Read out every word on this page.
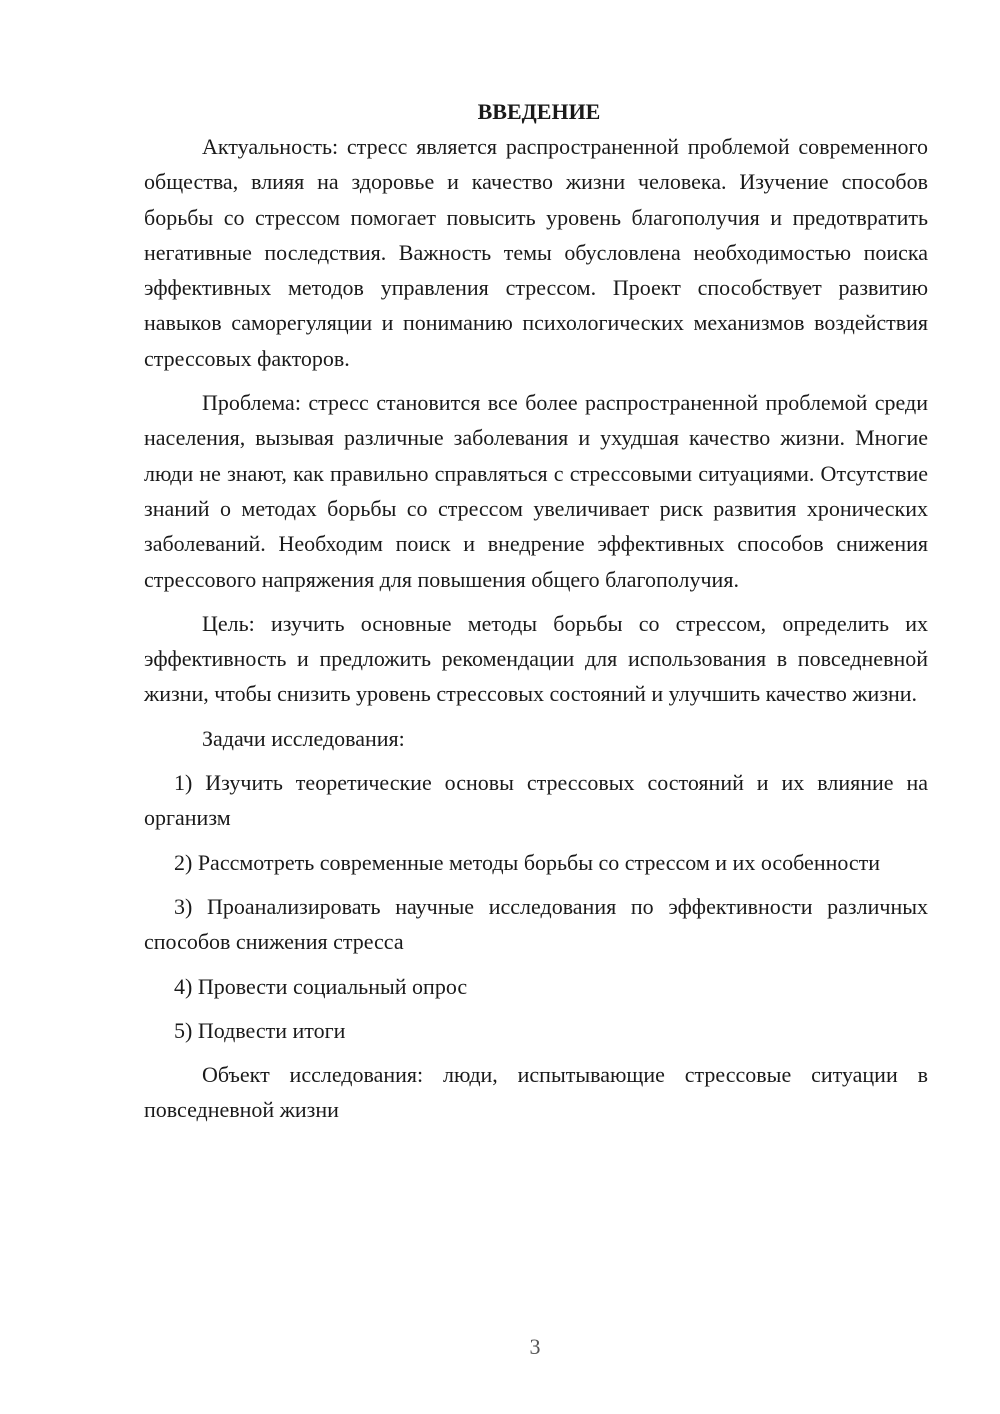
ВВЕДЕНИЕ

Актуальность: стресс является распространенной проблемой современного общества, влияя на здоровье и качество жизни человека. Изучение способов борьбы со стрессом помогает повысить уровень благополучия и предотвратить негативные последствия. Важность темы обусловлена необходимостью поиска эффективных методов управления стрессом. Проект способствует развитию навыков саморегуляции и пониманию психологических механизмов воздействия стрессовых факторов.

Проблема: стресс становится все более распространенной проблемой среди населения, вызывая различные заболевания и ухудшая качество жизни. Многие люди не знают, как правильно справляться с стрессовыми ситуациями. Отсутствие знаний о методах борьбы со стрессом увеличивает риск развития хронических заболеваний. Необходим поиск и внедрение эффективных способов снижения стрессового напряжения для повышения общего благополучия.

Цель: изучить основные методы борьбы со стрессом, определить их эффективность и предложить рекомендации для использования в повседневной жизни, чтобы снизить уровень стрессовых состояний и улучшить качество жизни.

Задачи исследования:

1) Изучить теоретические основы стрессовых состояний и их влияние на организм

2) Рассмотреть современные методы борьбы со стрессом и их особенности

3) Проанализировать научные исследования по эффективности различных способов снижения стресса

4) Провести социальный опрос

5) Подвести итоги

Объект исследования: люди, испытывающие стрессовые ситуации в повседневной жизни

3
